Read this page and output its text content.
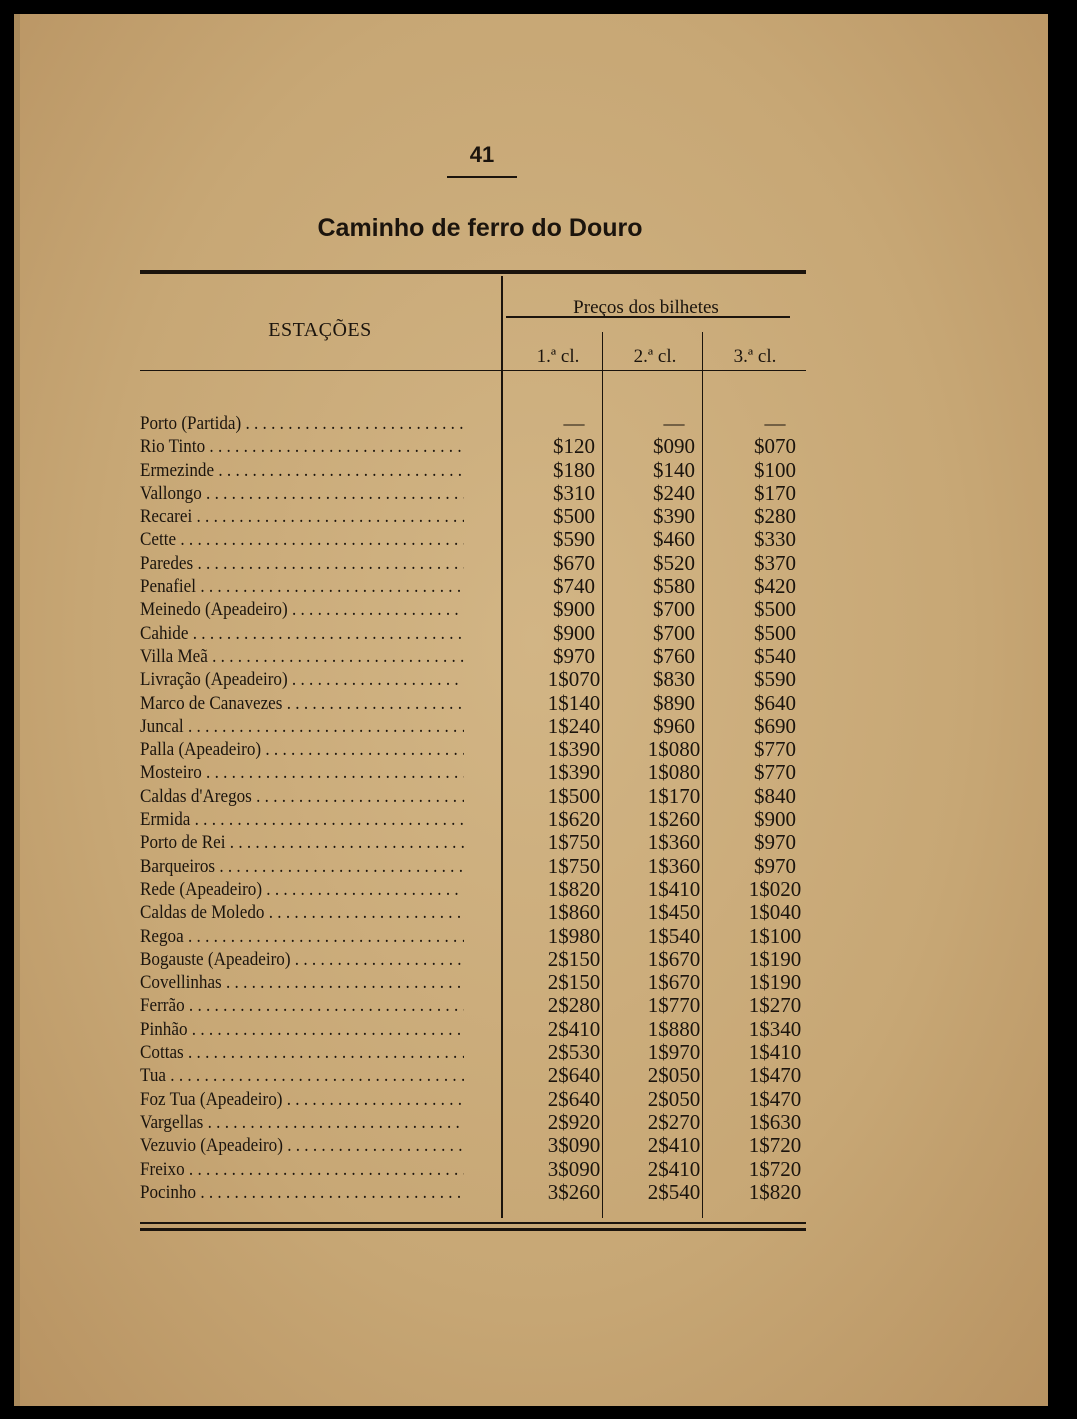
41
Caminho de ferro do Douro
ESTAÇÕES
Preços dos bilhetes
1.ª cl.	2.ª cl.	3.ª cl.
Porto (Partida) . . .	—	—	—
Rio Tinto . . .	$120	$090	$070
Ermezinde . . .	$180	$140	$100
Vallongo . . .	$310	$240	$170
Recarei . . .	$500	$390	$280
Cette . . .	$590	$460	$330
Paredes . . .	$670	$520	$370
Penafiel . . .	$740	$580	$420
Meinedo (Apeadeiro) . . .	$900	$700	$500
Cahide . . .	$900	$700	$500
Villa Meã . . .	$970	$760	$540
Livração (Apeadeiro) . . .	1$070	$830	$590
Marco de Canavezes . . .	1$140	$890	$640
Juncal . . .	1$240	$960	$690
Palla (Apeadeiro) . . .	1$390	1$080	$770
Mosteiro . . .	1$390	1$080	$770
Caldas d'Aregos . . .	1$500	1$170	$840
Ermida . . .	1$620	1$260	$900
Porto de Rei . . .	1$750	1$360	$970
Barqueiros . . .	1$750	1$360	$970
Rede (Apeadeiro) . . .	1$820	1$410	1$020
Caldas de Moledo . . .	1$860	1$450	1$040
Regoa . . .	1$980	1$540	1$100
Bogauste (Apeadeiro) . . .	2$150	1$670	1$190
Covellinhas . . .	2$150	1$670	1$190
Ferrão . . .	2$280	1$770	1$270
Pinhão . . .	2$410	1$880	1$340
Cottas . . .	2$530	1$970	1$410
Tua . . .	2$640	2$050	1$470
Foz Tua (Apeadeiro) . . .	2$640	2$050	1$470
Vargellas . . .	2$920	2$270	1$630
Vezuvio (Apeadeiro) . . .	3$090	2$410	1$720
Freixo . . .	3$090	2$410	1$720
Pocinho . . .	3$260	2$540	1$820
